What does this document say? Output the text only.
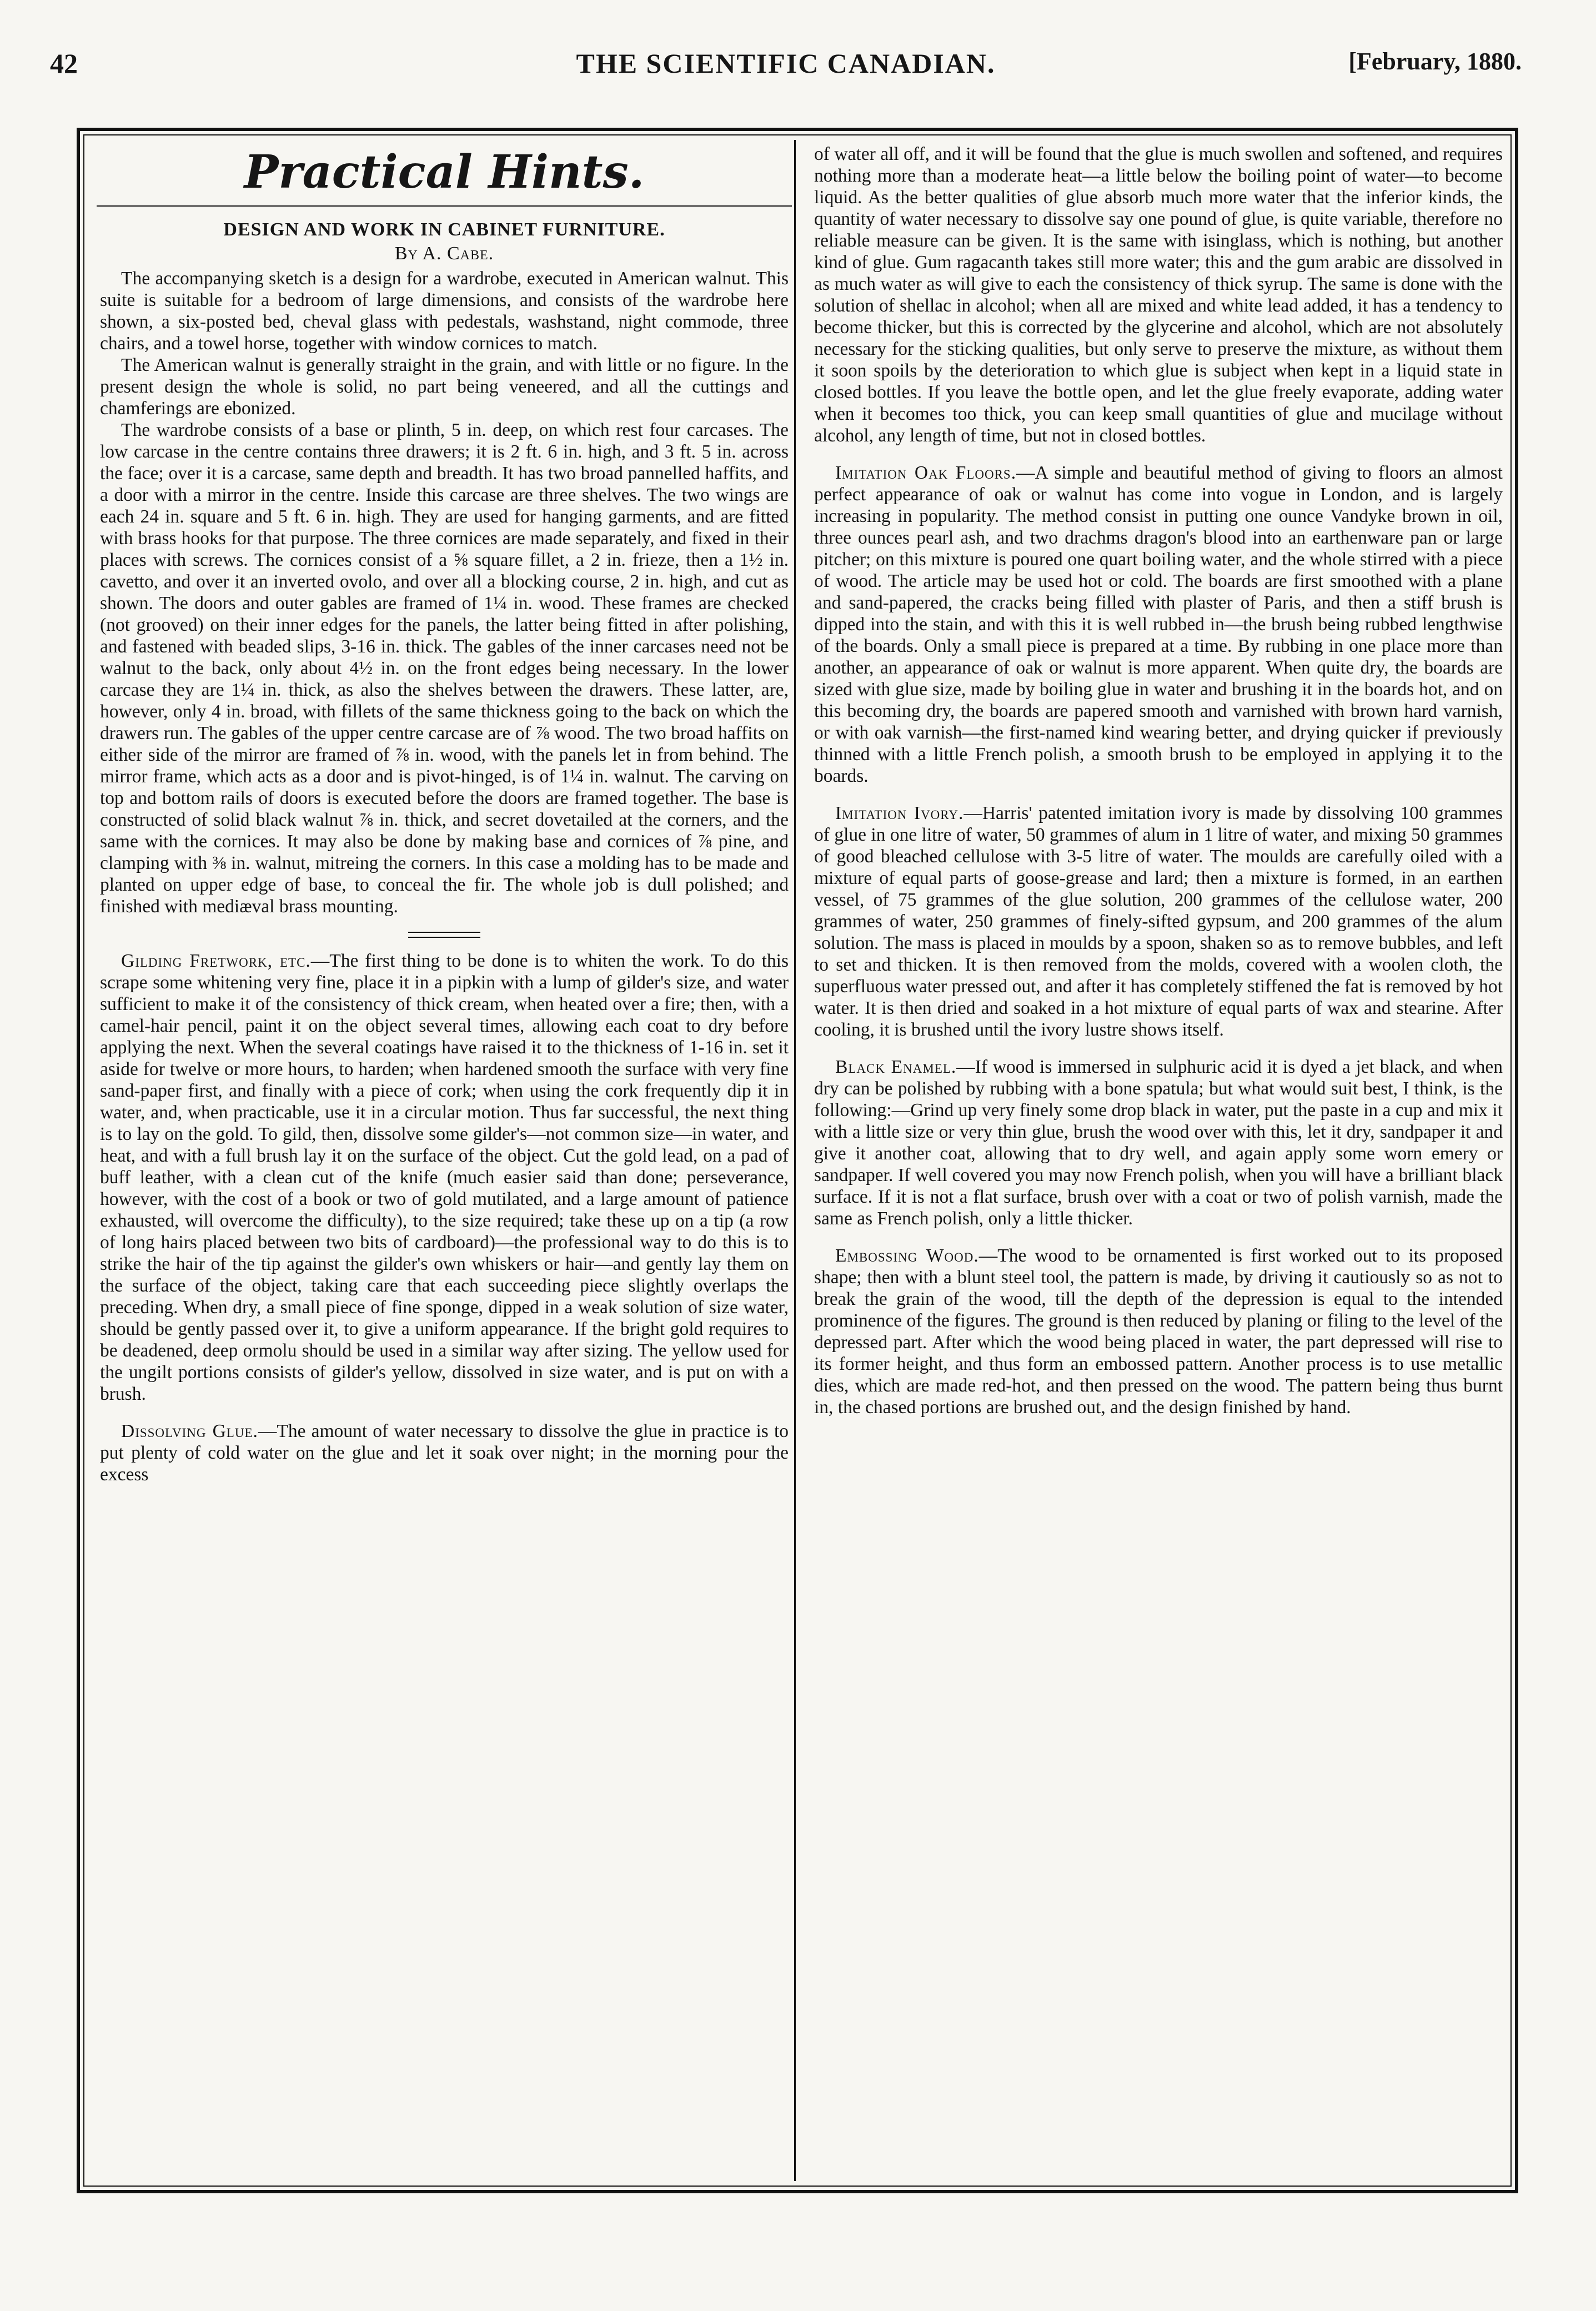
THE SCIENTIFIC CANADIAN.
42	[February, 1880.
Practical Hints.
DESIGN AND WORK IN CABINET FURNITURE.
By A. Cabe.

The accompanying sketch is a design for a wardrobe, executed in American walnut. This suite is suitable for a bedroom of large dimensions, and consists of the wardrobe here shown, a six-posted bed, cheval glass with pedestals, washstand, night commode, three chairs, and a towel horse, together with window cornices to match.

The American walnut is generally straight in the grain, and with little or no figure. In the present design the whole is solid, no part being veneered, and all the cuttings and chamferings are ebonized.

The wardrobe consists of a base or plinth, 5 in. deep, on which rest four carcases. The low carcase in the centre contains three drawers; it is 2 ft. 6 in. high, and 3 ft. 5 in. across the face; over it is a carcase, same depth and breadth. It has two broad pannelled haffits, and a door with a mirror in the centre. Inside this carcase are three shelves. The two wings are each 24 in. square and 5 ft. 6 in. high. They are used for hanging garments, and are fitted with brass hooks for that purpose. The three cornices are made separately, and fixed in their places with screws. The cornices consist of a ⅝ square fillet, a 2 in. frieze, then a 1½ in. cavetto, and over it an inverted ovolo, and over all a blocking course, 2 in. high, and cut as shown. The doors and outer gables are framed of 1¼ in. wood. These frames are checked (not grooved) on their inner edges for the panels, the latter being fitted in after polishing, and fastened with beaded slips, 3-16 in. thick. The gables of the inner carcases need not be walnut to the back, only about 4½ in. on the front edges being necessary. In the lower carcase they are 1¼ in. thick, as also the shelves between the drawers. These latter, are, however, only 4 in. broad, with fillets of the same thickness going to the back on which the drawers run. The gables of the upper centre carcase are of ⅞ wood. The two broad haffits on either side of the mirror are framed of ⅞ in. wood, with the panels let in from behind. The mirror frame, which acts as a door and is pivot-hinged, is of 1¼ in. walnut. The carving on top and bottom rails of doors is executed before the doors are framed together. The base is constructed of solid black walnut ⅞ in. thick, and secret dovetailed at the corners, and the same with the cornices. It may also be done by making base and cornices of ⅞ pine, and clamping with ⅜ in. walnut, mitreing the corners. In this case a molding has to be made and planted on upper edge of base, to conceal the fir. The whole job is dull polished; and finished with mediæval brass mounting.

Gilding Fretwork, etc.—The first thing to be done is to whiten the work. To do this scrape some whitening very fine, place it in a pipkin with a lump of gilder's size, and water sufficient to make it of the consistency of thick cream, when heated over a fire; then, with a camel-hair pencil, paint it on the object several times, allowing each coat to dry before applying the next. When the several coatings have raised it to the thickness of 1-16 in. set it aside for twelve or more hours, to harden; when hardened smooth the surface with very fine sand-paper first, and finally with a piece of cork; when using the cork frequently dip it in water, and, when practicable, use it in a circular motion. Thus far successful, the next thing is to lay on the gold. To gild, then, dissolve some gilder's—not common size—in water, and heat, and with a full brush lay it on the surface of the object. Cut the gold lead, on a pad of buff leather, with a clean cut of the knife (much easier said than done; perseverance, however, with the cost of a book or two of gold mutilated, and a large amount of patience exhausted, will overcome the difficulty), to the size required; take these up on a tip (a row of long hairs placed between two bits of cardboard)—the professional way to do this is to strike the hair of the tip against the gilder's own whiskers or hair—and gently lay them on the surface of the object, taking care that each succeeding piece slightly overlaps the preceding. When dry, a small piece of fine sponge, dipped in a weak solution of size water, should be gently passed over it, to give a uniform appearance. If the bright gold requires to be deadened, deep ormolu should be used in a similar way after sizing. The yellow used for the ungilt portions consists of gilder's yellow, dissolved in size water, and is put on with a brush.

Dissolving Glue.—The amount of water necessary to dissolve the glue in practice is to put plenty of cold water on the glue and let it soak over night; in the morning pour the excess

of water all off, and it will be found that the glue is much swollen and softened, and requires nothing more than a moderate heat—a little below the boiling point of water—to become liquid. As the better qualities of glue absorb much more water that the inferior kinds, the quantity of water necessary to dissolve say one pound of glue, is quite variable, therefore no reliable measure can be given. It is the same with isinglass, which is nothing, but another kind of glue. Gum ragacanth takes still more water; this and the gum arabic are dissolved in as much water as will give to each the consistency of thick syrup. The same is done with the solution of shellac in alcohol; when all are mixed and white lead added, it has a tendency to become thicker, but this is corrected by the glycerine and alcohol, which are not absolutely necessary for the sticking qualities, but only serve to preserve the mixture, as without them it soon spoils by the deterioration to which glue is subject when kept in a liquid state in closed bottles. If you leave the bottle open, and let the glue freely evaporate, adding water when it becomes too thick, you can keep small quantities of glue and mucilage without alcohol, any length of time, but not in closed bottles.

Imitation Oak Floors.—A simple and beautiful method of giving to floors an almost perfect appearance of oak or walnut has come into vogue in London, and is largely increasing in popularity. The method consist in putting one ounce Vandyke brown in oil, three ounces pearl ash, and two drachms dragon's blood into an earthenware pan or large pitcher; on this mixture is poured one quart boiling water, and the whole stirred with a piece of wood. The article may be used hot or cold. The boards are first smoothed with a plane and sand-papered, the cracks being filled with plaster of Paris, and then a stiff brush is dipped into the stain, and with this it is well rubbed in—the brush being rubbed lengthwise of the boards. Only a small piece is prepared at a time. By rubbing in one place more than another, an appearance of oak or walnut is more apparent. When quite dry, the boards are sized with glue size, made by boiling glue in water and brushing it in the boards hot, and on this becoming dry, the boards are papered smooth and varnished with brown hard varnish, or with oak varnish—the first-named kind wearing better, and drying quicker if previously thinned with a little French polish, a smooth brush to be employed in applying it to the boards.

Imitation Ivory.—Harris' patented imitation ivory is made by dissolving 100 grammes of glue in one litre of water, 50 grammes of alum in 1 litre of water, and mixing 50 grammes of good bleached cellulose with 3-5 litre of water. The moulds are carefully oiled with a mixture of equal parts of goose-grease and lard; then a mixture is formed, in an earthen vessel, of 75 grammes of the glue solution, 200 grammes of the cellulose water, 200 grammes of water, 250 grammes of finely-sifted gypsum, and 200 grammes of the alum solution. The mass is placed in moulds by a spoon, shaken so as to remove bubbles, and left to set and thicken. It is then removed from the molds, covered with a woolen cloth, the superfluous water pressed out, and after it has completely stiffened the fat is removed by hot water. It is then dried and soaked in a hot mixture of equal parts of wax and stearine. After cooling, it is brushed until the ivory lustre shows itself.

Black Enamel.—If wood is immersed in sulphuric acid it is dyed a jet black, and when dry can be polished by rubbing with a bone spatula; but what would suit best, I think, is the following:—Grind up very finely some drop black in water, put the paste in a cup and mix it with a little size or very thin glue, brush the wood over with this, let it dry, sandpaper it and give it another coat, allowing that to dry well, and again apply some worn emery or sandpaper. If well covered you may now French polish, when you will have a brilliant black surface. If it is not a flat surface, brush over with a coat or two of polish varnish, made the same as French polish, only a little thicker.

Embossing Wood.—The wood to be ornamented is first worked out to its proposed shape; then with a blunt steel tool, the pattern is made, by driving it cautiously so as not to break the grain of the wood, till the depth of the depression is equal to the intended prominence of the figures. The ground is then reduced by planing or filing to the level of the depressed part. After which the wood being placed in water, the part depressed will rise to its former height, and thus form an embossed pattern. Another process is to use metallic dies, which are made red-hot, and then pressed on the wood. The pattern being thus burnt in, the chased portions are brushed out, and the design finished by hand.
